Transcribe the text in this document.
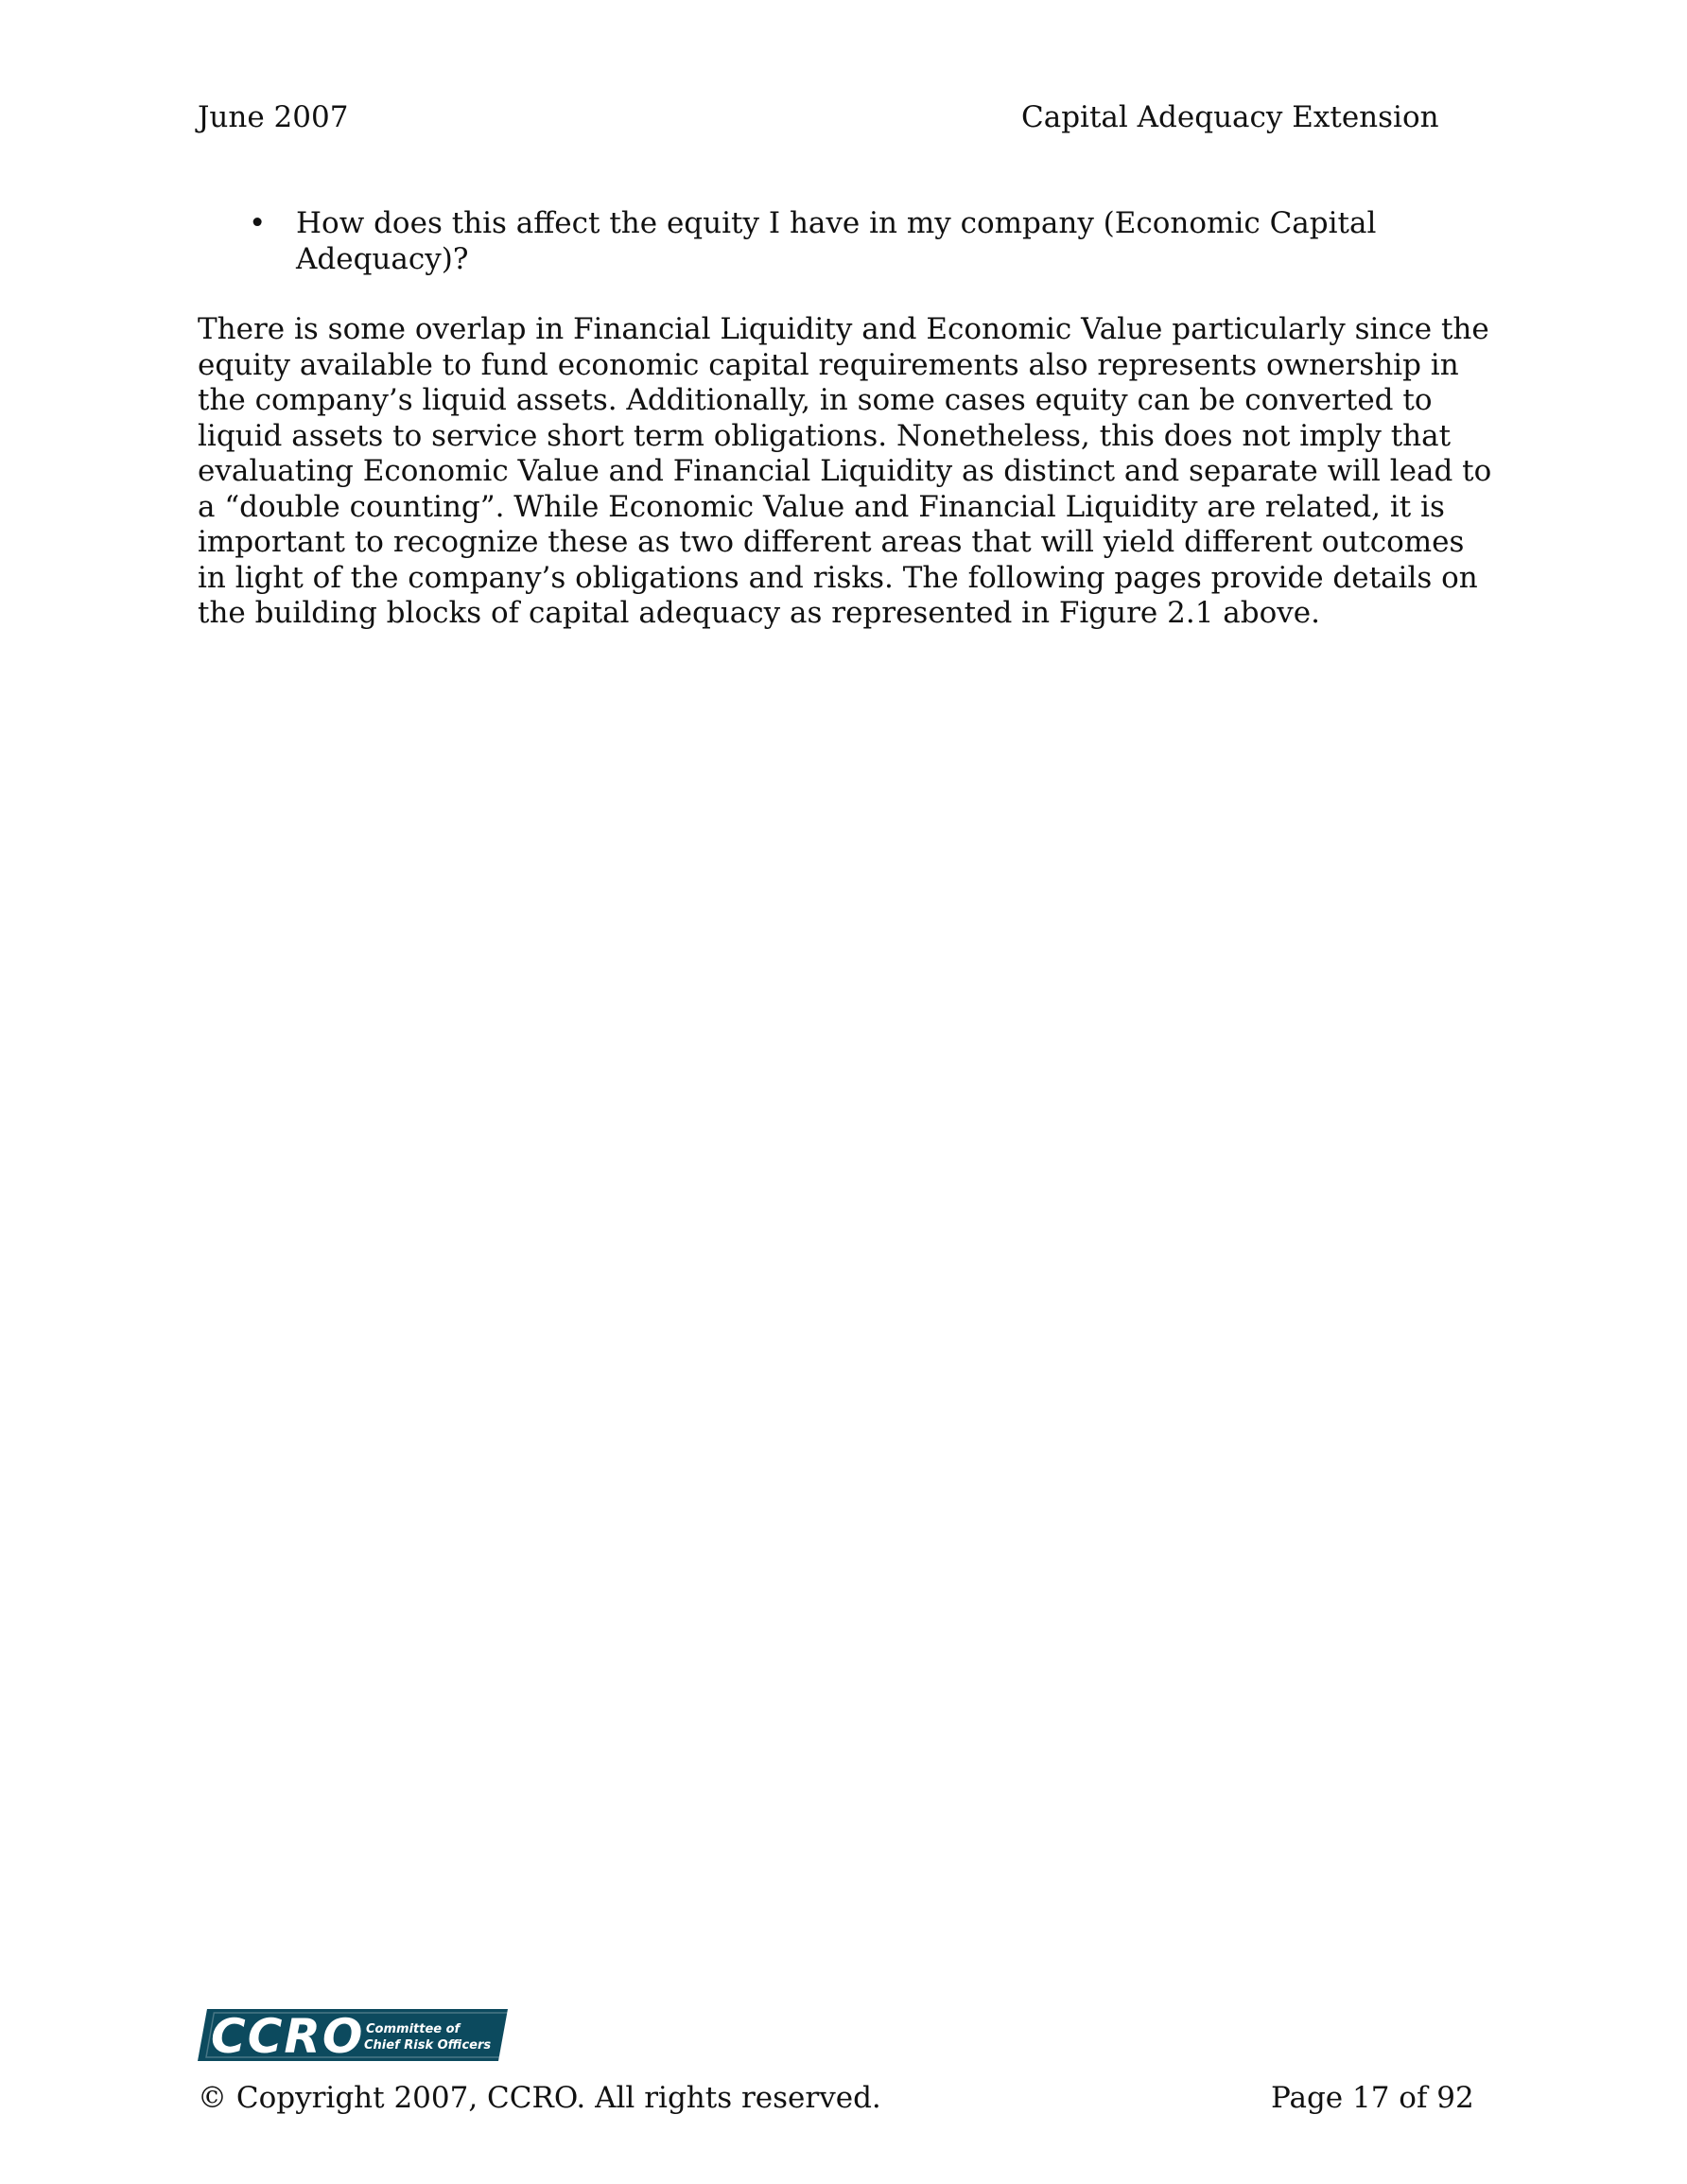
June 2007	Capital Adequacy Extension
• How does this affect the equity I have in my company (Economic Capital Adequacy)?

There is some overlap in Financial Liquidity and Economic Value particularly since the equity available to fund economic capital requirements also represents ownership in the company’s liquid assets. Additionally, in some cases equity can be converted to liquid assets to service short term obligations. Nonetheless, this does not imply that evaluating Economic Value and Financial Liquidity as distinct and separate will lead to a “double counting”. While Economic Value and Financial Liquidity are related, it is important to recognize these as two different areas that will yield different outcomes in light of the company’s obligations and risks. The following pages provide details on the building blocks of capital adequacy as represented in Figure 2.1 above.

CCRO Committee of
Chief Risk Officers
© Copyright 2007, CCRO. All rights reserved.	Page 17 of 92
